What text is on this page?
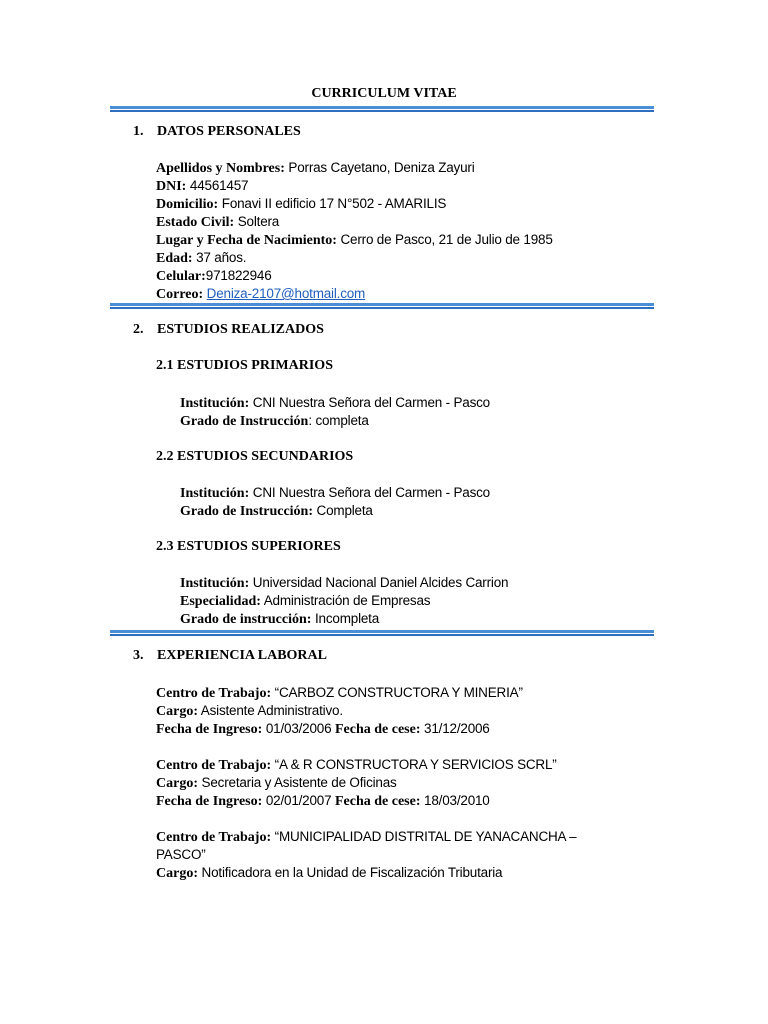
CURRICULUM VITAE
1. DATOS PERSONALES
Apellidos y Nombres: Porras Cayetano, Deniza Zayuri
DNI: 44561457
Domicilio: Fonavi II edificio 17 N°502 - AMARILIS
Estado Civil: Soltera
Lugar y Fecha de Nacimiento: Cerro de Pasco, 21 de Julio de 1985
Edad: 37 años.
Celular:971822946
Correo: Deniza-2107@hotmail.com
2. ESTUDIOS REALIZADOS
2.1 ESTUDIOS PRIMARIOS
Institución: CNI Nuestra Señora del Carmen - Pasco
Grado de Instrucción: completa
2.2 ESTUDIOS SECUNDARIOS
Institución: CNI Nuestra Señora del Carmen - Pasco
Grado de Instrucción: Completa
2.3 ESTUDIOS SUPERIORES
Institución: Universidad Nacional Daniel Alcides Carrion
Especialidad: Administración de Empresas
Grado de instrucción: Incompleta
3. EXPERIENCIA LABORAL
Centro de Trabajo: “CARBOZ CONSTRUCTORA Y MINERIA”
Cargo: Asistente Administrativo.
Fecha de Ingreso: 01/03/2006 Fecha de cese: 31/12/2006
Centro de Trabajo: “A & R CONSTRUCTORA Y SERVICIOS SCRL”
Cargo: Secretaria y Asistente de Oficinas
Fecha de Ingreso: 02/01/2007 Fecha de cese: 18/03/2010
Centro de Trabajo: “MUNICIPALIDAD DISTRITAL DE YANACANCHA –
PASCO”
Cargo: Notificadora en la Unidad de Fiscalización Tributaria
